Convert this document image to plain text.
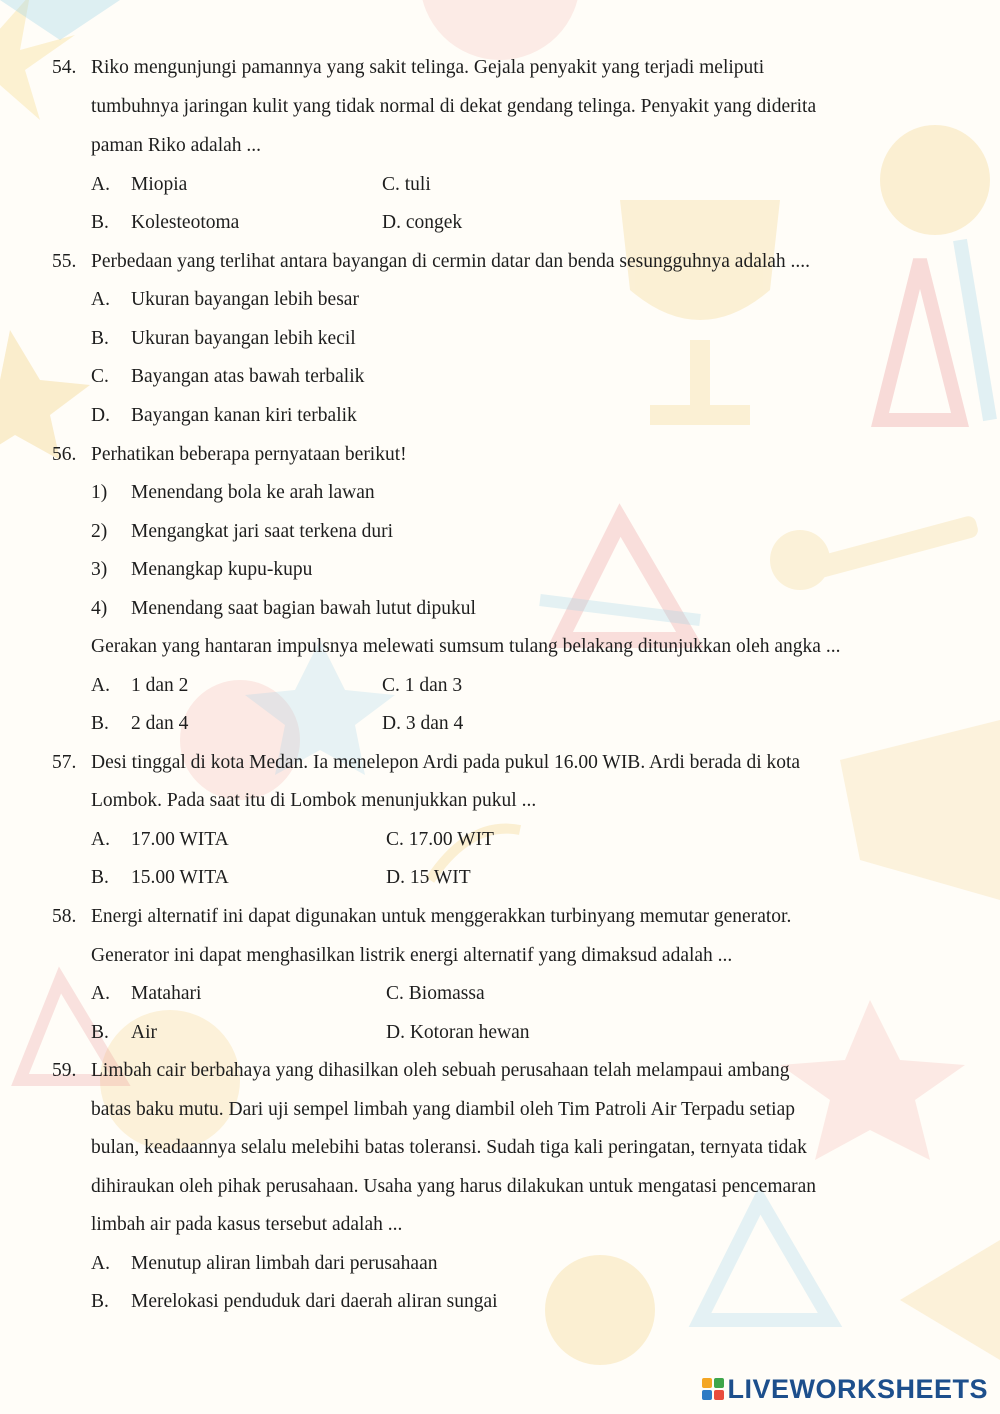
54. Riko mengunjungi pamannya yang sakit telinga. Gejala penyakit yang terjadi meliputi
tumbuhnya jaringan kulit yang tidak normal di dekat gendang telinga. Penyakit yang diderita
paman Riko adalah ...
A. Miopia	C. tuli
B. Kolesteotoma	D. congek
55. Perbedaan yang terlihat antara bayangan di cermin datar dan benda sesungguhnya adalah ....
A. Ukuran bayangan lebih besar
B. Ukuran bayangan lebih kecil
C. Bayangan atas bawah terbalik
D. Bayangan kanan kiri terbalik
56. Perhatikan beberapa pernyataan berikut!
1) Menendang bola ke arah lawan
2) Mengangkat jari saat terkena duri
3) Menangkap kupu-kupu
4) Menendang saat bagian bawah lutut dipukul
Gerakan yang hantaran impulsnya melewati sumsum tulang belakang ditunjukkan oleh angka ...
A. 1 dan 2	C. 1 dan 3
B. 2 dan 4	D. 3 dan 4
57. Desi tinggal di kota Medan. Ia menelepon Ardi pada pukul 16.00 WIB. Ardi berada di kota
Lombok. Pada saat itu di Lombok menunjukkan pukul ...
A. 17.00 WITA	C. 17.00 WIT
B. 15.00 WITA	D. 15 WIT
58. Energi alternatif ini dapat digunakan untuk menggerakkan turbinyang memutar generator.
Generator ini dapat menghasilkan listrik energi alternatif yang dimaksud adalah ...
A. Matahari	C. Biomassa
B. Air	D. Kotoran hewan
59. Limbah cair berbahaya yang dihasilkan oleh sebuah perusahaan telah melampaui ambang
batas baku mutu. Dari uji sempel limbah yang diambil oleh Tim Patroli Air Terpadu setiap
bulan, keadaannya selalu melebihi batas toleransi. Sudah tiga kali peringatan, ternyata tidak
dihiraukan oleh pihak perusahaan. Usaha yang harus dilakukan untuk mengatasi pencemaran
limbah air pada kasus tersebut adalah ...
A. Menutup aliran limbah dari perusahaan
B. Merelokasi penduduk dari daerah aliran sungai
LIVEWORKSHEETS
